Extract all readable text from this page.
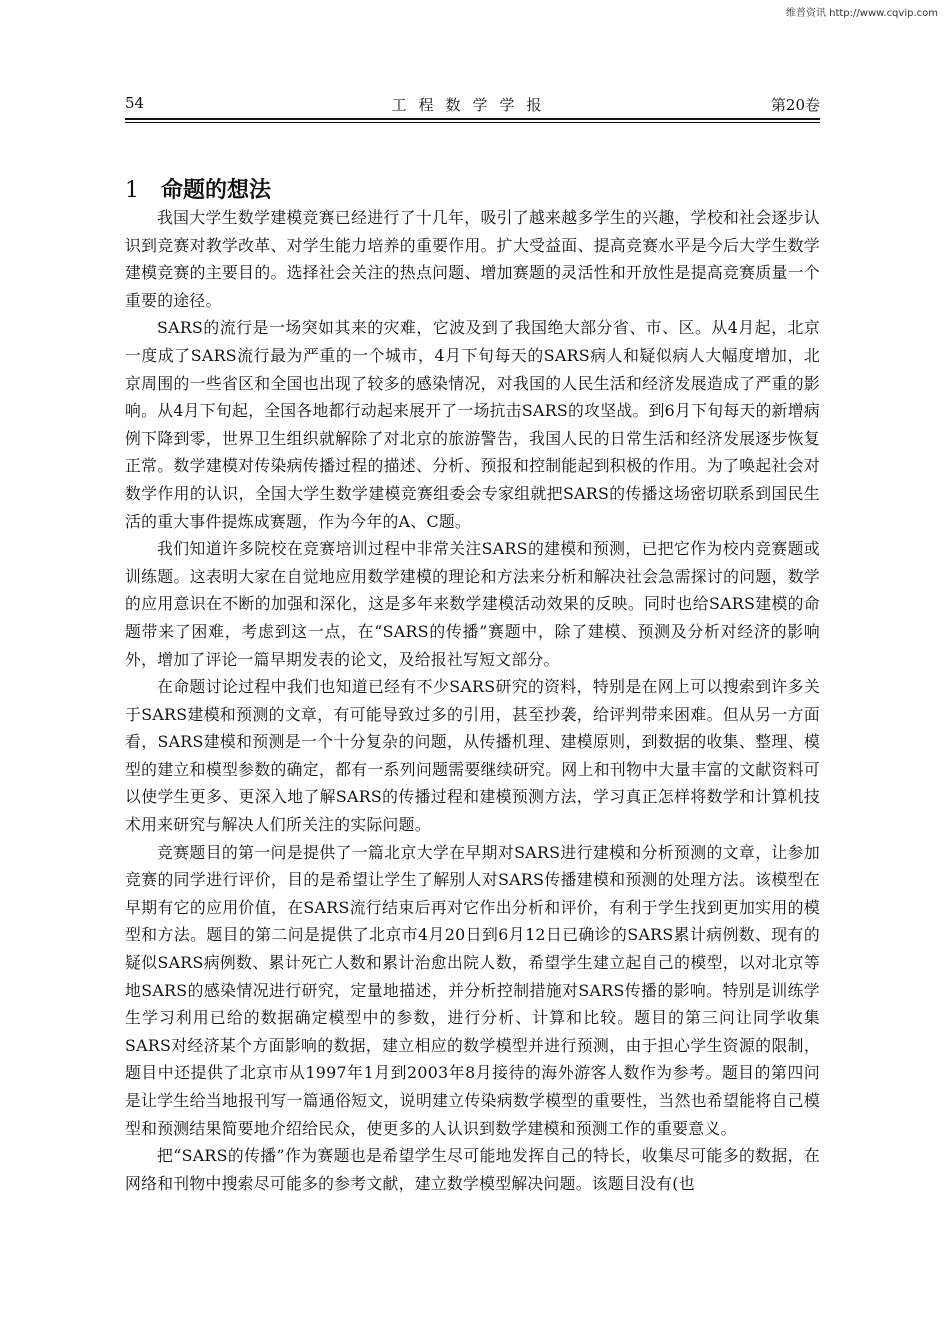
维普资讯 http://www.cqvip.com
54	工程数学学报	第20卷
1 命题的想法

我国大学生数学建模竞赛已经进行了十几年，吸引了越来越多学生的兴趣，学校和社会逐步认识到竞赛对教学改革、对学生能力培养的重要作用。扩大受益面、提高竞赛水平是今后大学生数学建模竞赛的主要目的。选择社会关注的热点问题、增加赛题的灵活性和开放性是提高竞赛质量一个重要的途径。

SARS的流行是一场突如其来的灾难，它波及到了我国绝大部分省、市、区。从4月起，北京一度成了SARS流行最为严重的一个城市，4月下旬每天的SARS病人和疑似病人大幅度增加，北京周围的一些省区和全国也出现了较多的感染情况，对我国的人民生活和经济发展造成了严重的影响。从4月下旬起，全国各地都行动起来展开了一场抗击SARS的攻坚战。到6月下旬每天的新增病例下降到零，世界卫生组织就解除了对北京的旅游警告，我国人民的日常生活和经济发展逐步恢复正常。数学建模对传染病传播过程的描述、分析、预报和控制能起到积极的作用。为了唤起社会对数学作用的认识，全国大学生数学建模竞赛组委会专家组就把SARS的传播这场密切联系到国民生活的重大事件提炼成赛题，作为今年的A、C题。

我们知道许多院校在竞赛培训过程中非常关注SARS的建模和预测，已把它作为校内竞赛题或训练题。这表明大家在自觉地应用数学建模的理论和方法来分析和解决社会急需探讨的问题，数学的应用意识在不断的加强和深化，这是多年来数学建模活动效果的反映。同时也给SARS建模的命题带来了困难，考虑到这一点，在“SARS的传播”赛题中，除了建模、预测及分析对经济的影响外，增加了评论一篇早期发表的论文，及给报社写短文部分。

在命题讨论过程中我们也知道已经有不少SARS研究的资料，特别是在网上可以搜索到许多关于SARS建模和预测的文章，有可能导致过多的引用，甚至抄袭，给评判带来困难。但从另一方面看，SARS建模和预测是一个十分复杂的问题，从传播机理、建模原则，到数据的收集、整理、模型的建立和模型参数的确定，都有一系列问题需要继续研究。网上和刊物中大量丰富的文献资料可以使学生更多、更深入地了解SARS的传播过程和建模预测方法，学习真正怎样将数学和计算机技术用来研究与解决人们所关注的实际问题。

竞赛题目的第一问是提供了一篇北京大学在早期对SARS进行建模和分析预测的文章，让参加竞赛的同学进行评价，目的是希望让学生了解别人对SARS传播建模和预测的处理方法。该模型在早期有它的应用价值，在SARS流行结束后再对它作出分析和评价，有利于学生找到更加实用的模型和方法。题目的第二问是提供了北京市4月20日到6月12日已确诊的SARS累计病例数、现有的疑似SARS病例数、累计死亡人数和累计治愈出院人数，希望学生建立起自己的模型，以对北京等地SARS的感染情况进行研究，定量地描述，并分析控制措施对SARS传播的影响。特别是训练学生学习利用已给的数据确定模型中的参数，进行分析、计算和比较。题目的第三问让同学收集SARS对经济某个方面影响的数据，建立相应的数学模型并进行预测，由于担心学生资源的限制，题目中还提供了北京市从1997年1月到2003年8月接待的海外游客人数作为参考。题目的第四问是让学生给当地报刊写一篇通俗短文，说明建立传染病数学模型的重要性，当然也希望能将自己模型和预测结果简要地介绍给民众，使更多的人认识到数学建模和预测工作的重要意义。

把“SARS的传播”作为赛题也是希望学生尽可能地发挥自己的特长，收集尽可能多的数据，在网络和刊物中搜索尽可能多的参考文献，建立数学模型解决问题。该题目没有(也
